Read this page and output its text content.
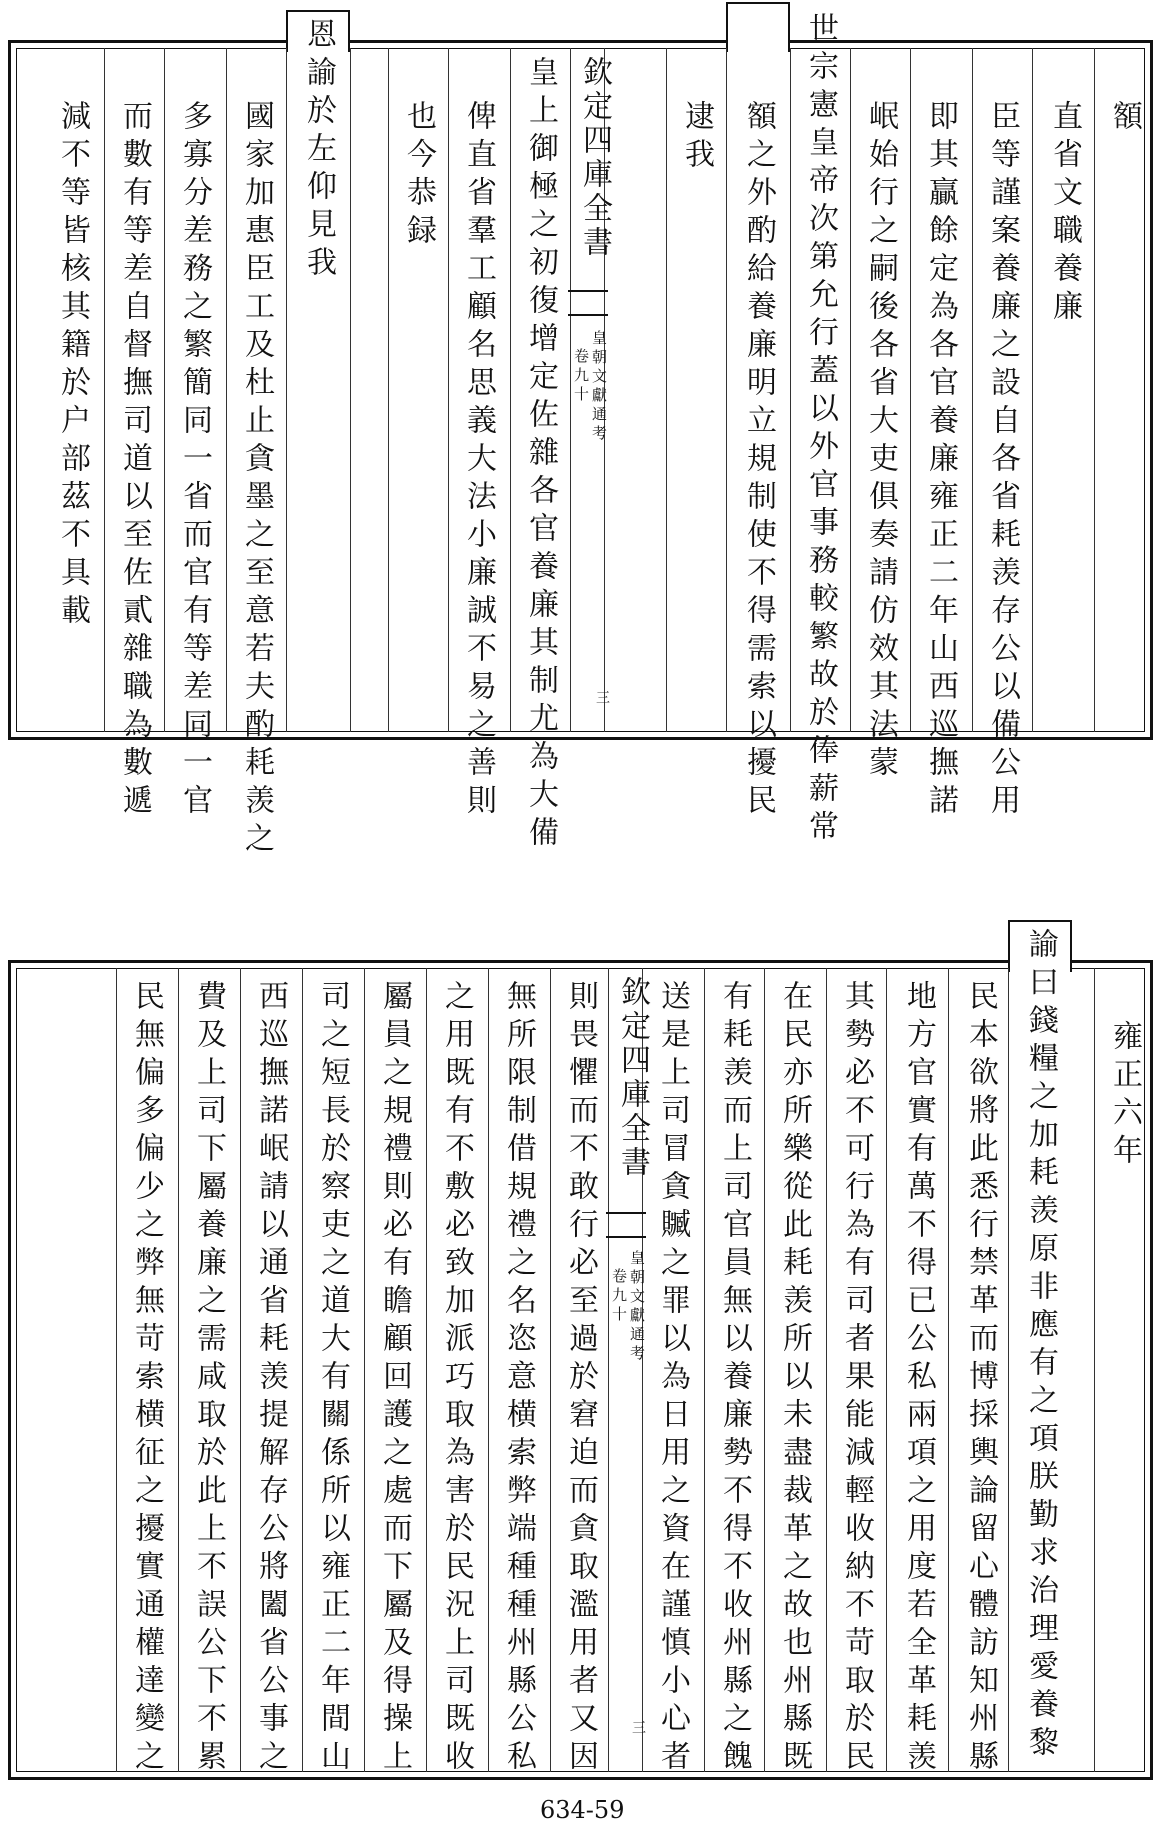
額
直省文職養廉
臣等謹案養廉之設自各省耗羡存公以備公用
即其贏餘定為各官養廉雍正二年山西巡撫諾
岷始行之嗣後各省大吏俱奏請仿效其法蒙
世宗憲皇帝次第允行蓋以外官事務較繁故於俸薪常
額之外酌給養廉明立規制使不得需索以擾民
逮我
欽定四庫全書
皇朝文獻通考
卷九十
三
皇上御極之初復增定佐雜各官養廉其制尤為大備
俾直省羣工顧名思義大法小廉誠不易之善則
也今恭録
恩諭於左仰見我
國家加惠臣工及杜止貪墨之至意若夫酌耗羡之
多寡分差務之繁簡同一省而官有等差同一官
而數有等差自督撫司道以至佐貳雜職為數遞
減不等皆核其籍於户部茲不具載
雍正六年
諭曰錢糧之加耗羡原非應有之項朕勤求治理愛養黎
民本欲將此悉行禁革而博採輿論留心體訪知州縣
地方官實有萬不得已公私兩項之用度若全革耗羡
其勢必不可行為有司者果能減輕收納不苛取於民
在民亦所樂從此耗羡所以未盡裁革之故也州縣既
有耗羡而上司官員無以養廉勢不得不收州縣之餽
送是上司冒貪贓之罪以為日用之資在謹慎小心者
欽定四庫全書
皇朝文獻通考
卷九十
三
則畏懼而不敢行必至過於窘迫而貪取濫用者又因
無所限制借規禮之名恣意横索弊端種種州縣公私
之用既有不敷必致加派巧取為害於民況上司既收
屬員之規禮則必有瞻顧回護之處而下屬及得操上
司之短長於察吏之道大有關係所以雍正二年間山
西巡撫諾岷請以通省耗羡提解存公將闔省公事之
費及上司下屬養廉之需咸取於此上不誤公下不累
民無偏多偏少之弊無苛索横征之擾實通權達變之
634-59
